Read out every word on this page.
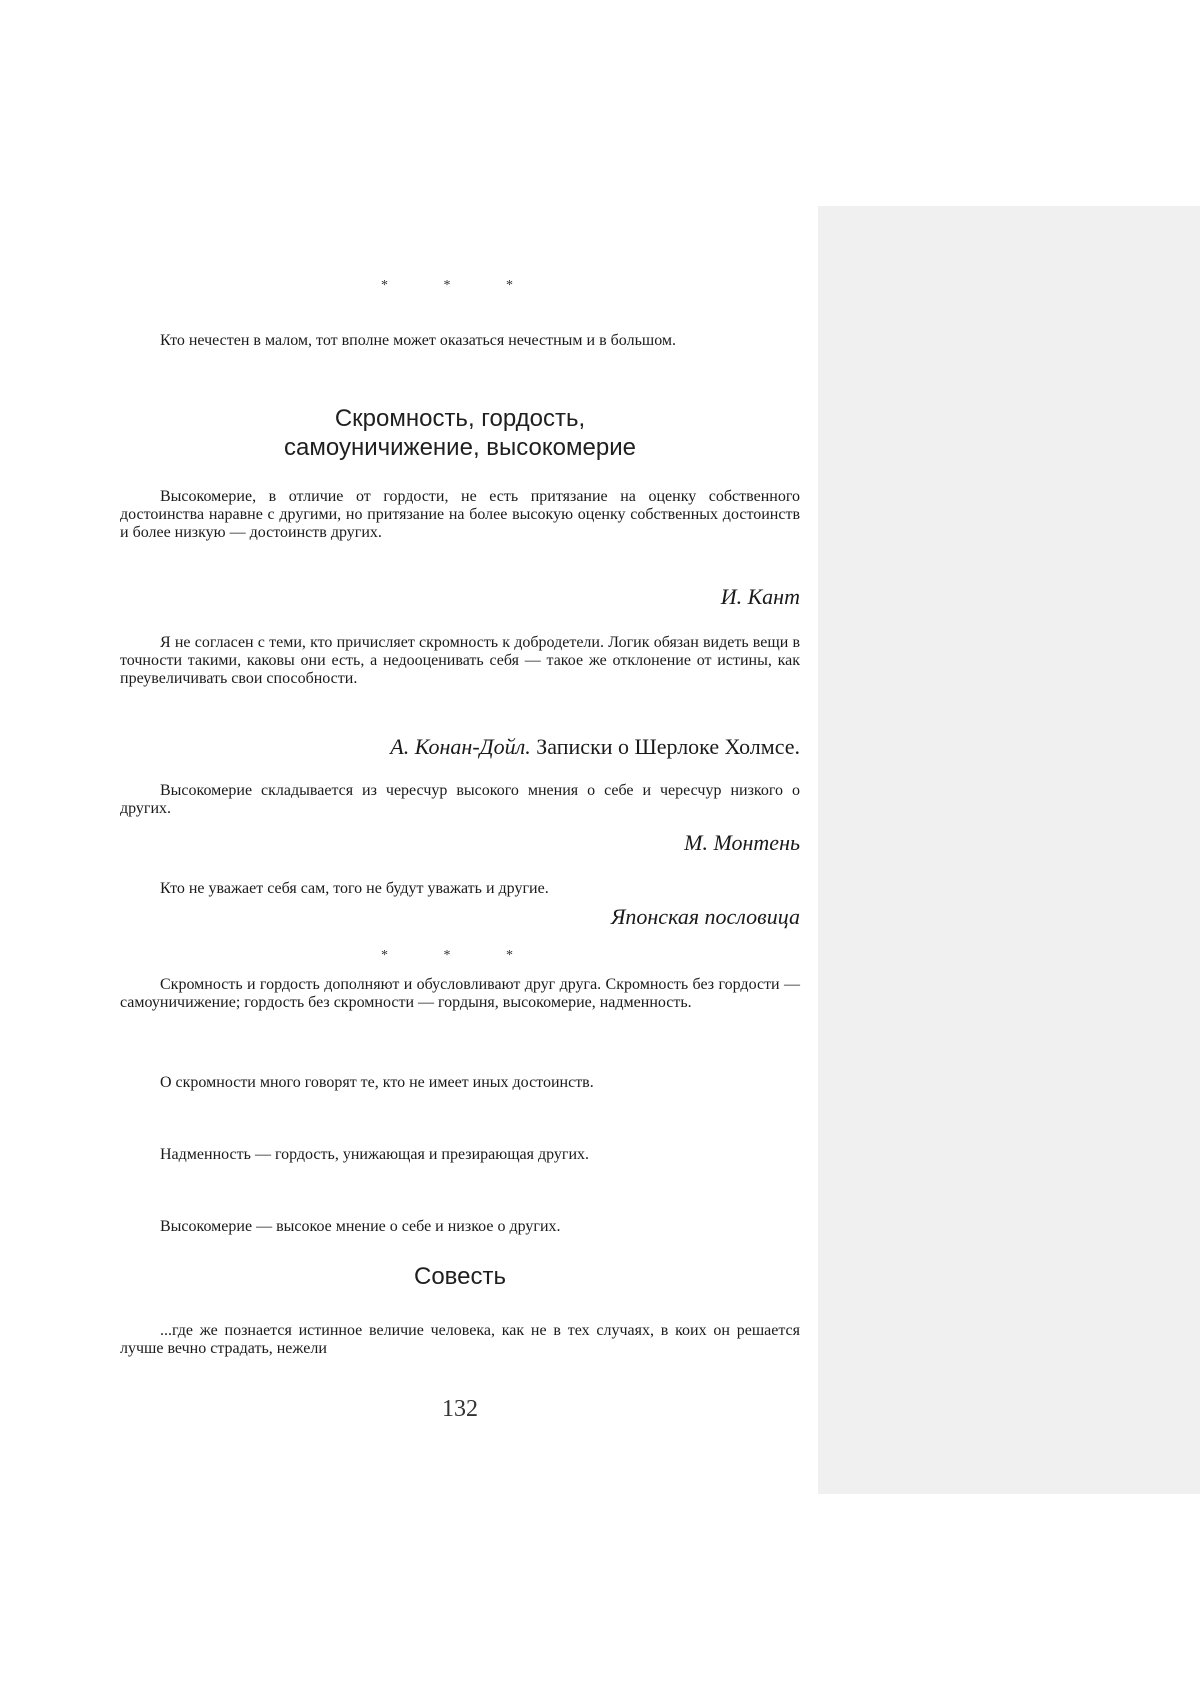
* * *
Кто нечестен в малом, тот вполне может оказаться нечестным и в большом.
Скромность, гордость,
самоуничижение, высокомерие
Высокомерие, в отличие от гордости, не есть притязание на оценку собственного достоинства наравне с другими, но притязание на более высокую оценку собственных достоинств и более низкую — достоинств других.
И. Кант
Я не согласен с теми, кто причисляет скромность к добродетели. Логик обязан видеть вещи в точности такими, каковы они есть, а недооценивать себя — такое же отклонение от истины, как преувеличивать свои способности.
А. Конан-Дойл. Записки о Шерлоке Холмсе.
Высокомерие складывается из чересчур высокого мнения о себе и чересчур низкого о других.
М. Монтень
Кто не уважает себя сам, того не будут уважать и другие.
Японская пословица
* * *
Скромность и гордость дополняют и обусловливают друг друга. Скромность без гордости — самоуничижение; гордость без скромности — гордыня, высокомерие, надменность.
О скромности много говорят те, кто не имеет иных достоинств.
Надменность — гордость, унижающая и презирающая других.
Высокомерие — высокое мнение о себе и низкое о других.
Совесть
...где же познается истинное величие человека, как не в тех случаях, в коих он решается лучше вечно страдать, нежели
132
